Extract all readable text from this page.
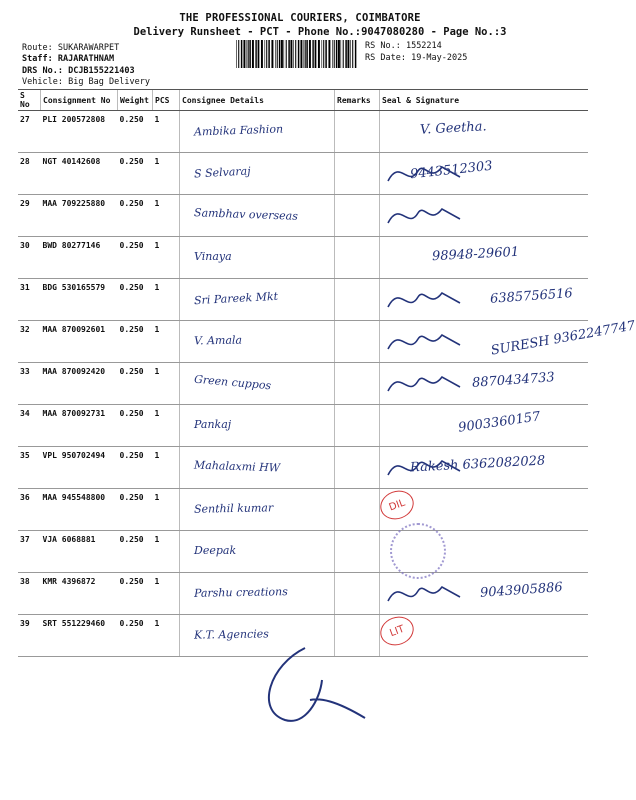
THE PROFESSIONAL COURIERS, COIMBATORE
Delivery Runsheet - PCT - Phone No.:9047080280 - Page No.:3
Route: SUKARAWARPET
Staff: RAJARATHNAM
DRS No.: DCJB155221403
Vehicle: Big Bag Delivery
RS No.: 1552214
RS Date: 19-May-2025
S No	Consignment No	Weight	PCS	Consignee Details	Remarks	Seal & Signature
27	PLI 200572808	0.250	1	Ambika Fashion		V. Geetha.

28	NGT 40142608	0.250	1	S Selvaraj		9443512303

29	MAA 709225880	0.250	1	Sambhav overseas

30	BWD 80277146	0.250	1	Vinaya		98948-29601

31	BDG 530165579	0.250	1	Sri Pareek Mkt		6385756516

32	MAA 870092601	0.250	1	V. Amala		SURESH 9362247747

33	MAA 870092420	0.250	1	Green cuppos		8870434733

34	MAA 870092731	0.250	1	Pankaj		9003360157

35	VPL 950702494	0.250	1	Mahalaxmi HW		Rakesh 6362082028

36	MAA 945548800	0.250	1	Senthil kumar		DIL

37	VJA 6068881	0.250	1	Deepak		

38	KMR 4396872	0.250	1	Parshu creations		9043905886

39	SRT 551229460	0.250	1	K.T. Agencies		LIT
